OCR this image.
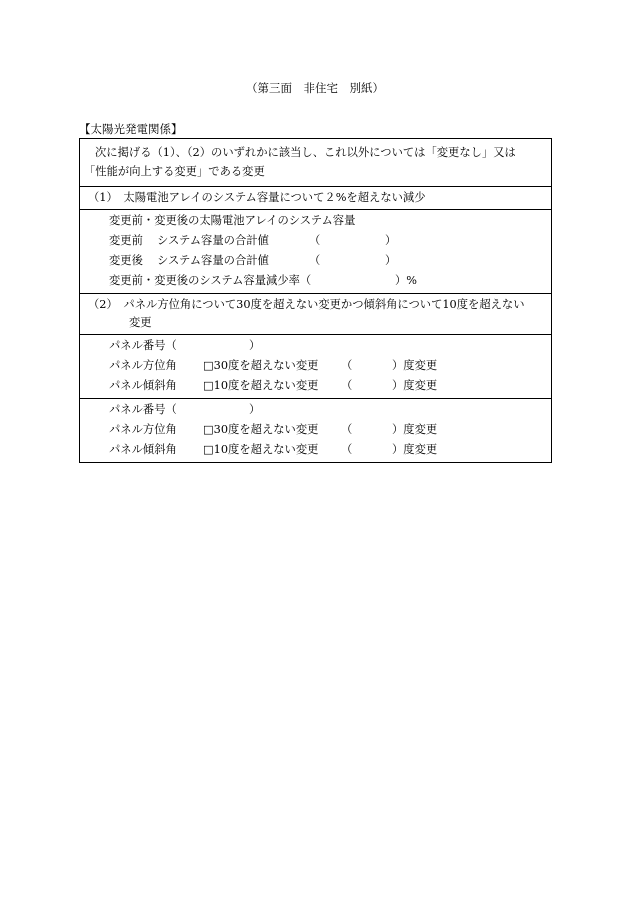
（第三面　非住宅　別紙）
【太陽光発電関係】
次に掲げる（1）、（2）のいずれかに該当し、これ以外については「変更なし」又は
「性能が向上する変更」である変更

（1）　太陽電池アレイのシステム容量について２%を超えない減少

変更前・変更後の太陽電池アレイのシステム容量
変更前 システム容量の合計値	（	）
変更後 システム容量の合計値	（	）
変更前・変更後のシステム容量減少率（	）%

（2）　パネル方位角について30度を超えない変更かつ傾斜角について10度を超えない
変更

パネル番号（	）
パネル方位角 □30度を超えない変更 （	）度変更
パネル傾斜角 □10度を超えない変更 （	）度変更

パネル番号（	）
パネル方位角 □30度を超えない変更 （	）度変更
パネル傾斜角 □10度を超えない変更 （	）度変更
